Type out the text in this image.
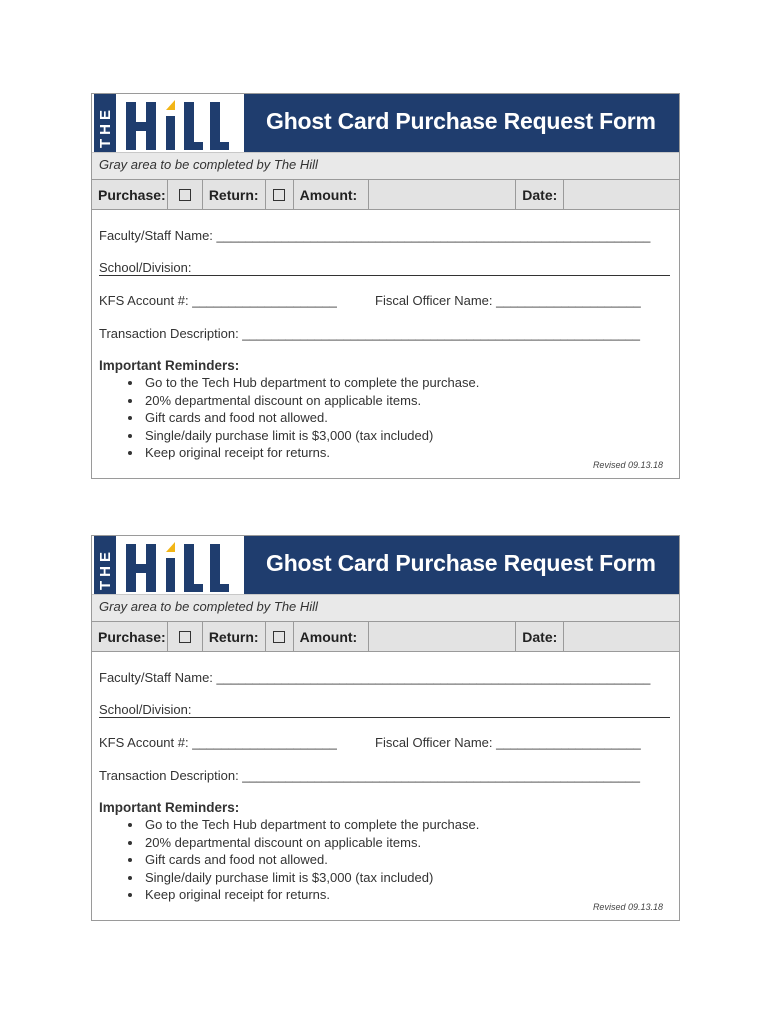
THE	Ghost Card Purchase Request Form
Gray area to be completed by The Hill
Purchase:	Return:	Amount:	Date:
Faculty/Staff Name: ____________________________________________________________
School/Division:
KFS Account #: ____________________	Fiscal Officer Name: ____________________
Transaction Description: _______________________________________________________
Important Reminders:
• Go to the Tech Hub department to complete the purchase.
• 20% departmental discount on applicable items.
• Gift cards and food not allowed.
• Single/daily purchase limit is $3,000 (tax included)
• Keep original receipt for returns.
Revised 09.13.18
THE	Ghost Card Purchase Request Form
Gray area to be completed by The Hill
Purchase:	Return:	Amount:	Date:
Faculty/Staff Name: ____________________________________________________________
School/Division:
KFS Account #: ____________________	Fiscal Officer Name: ____________________
Transaction Description: _______________________________________________________
Important Reminders:
• Go to the Tech Hub department to complete the purchase.
• 20% departmental discount on applicable items.
• Gift cards and food not allowed.
• Single/daily purchase limit is $3,000 (tax included)
• Keep original receipt for returns.
Revised 09.13.18
